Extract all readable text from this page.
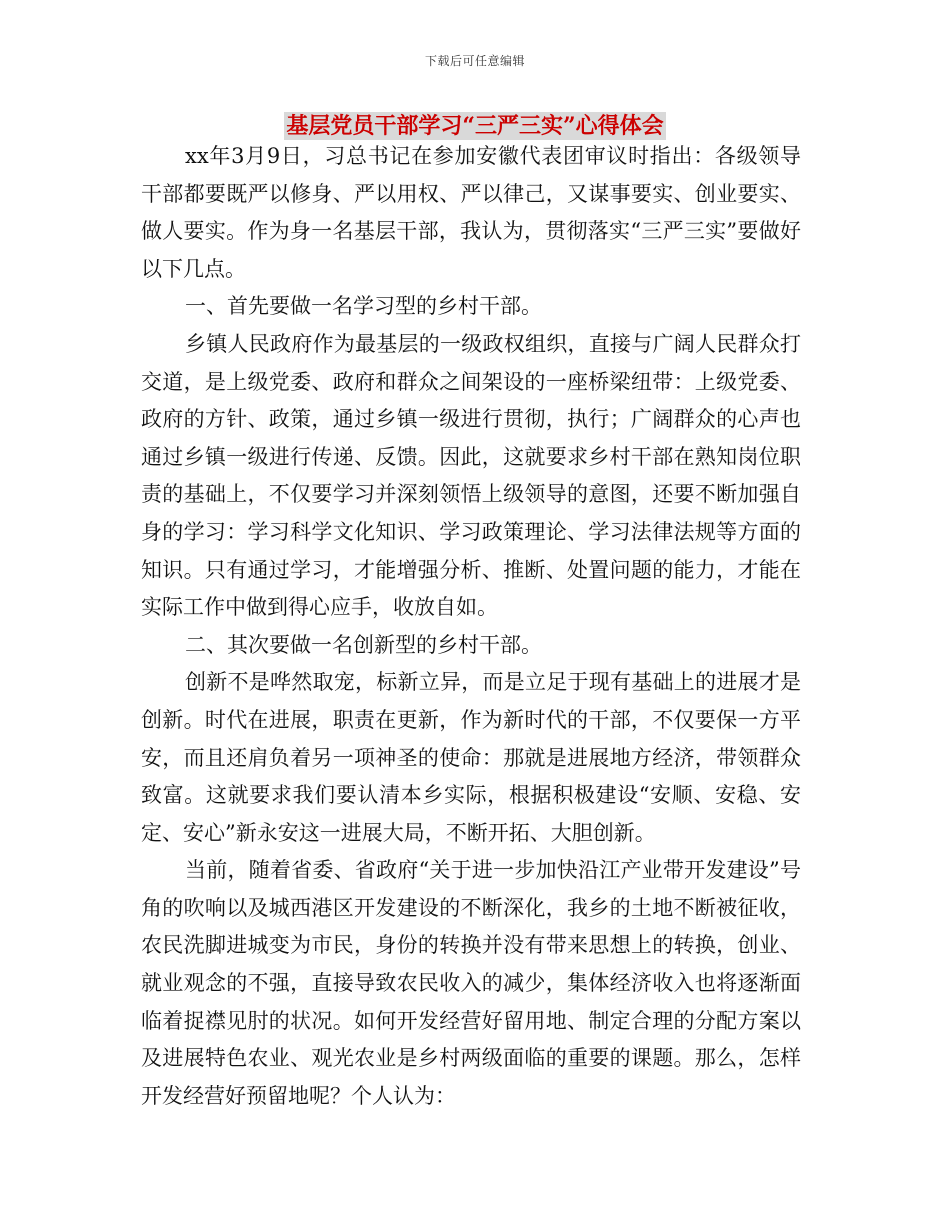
下载后可任意编辑
基层党员干部学习“三严三实”心得体会

xx年3月9日，习总书记在参加安徽代表团审议时指出：各级领导干部都要既严以修身、严以用权、严以律己，又谋事要实、创业要实、做人要实。作为身一名基层干部，我认为，贯彻落实“三严三实”要做好以下几点。

一、首先要做一名学习型的乡村干部。

乡镇人民政府作为最基层的一级政权组织，直接与广阔人民群众打交道，是上级党委、政府和群众之间架设的一座桥梁纽带：上级党委、政府的方针、政策，通过乡镇一级进行贯彻，执行；广阔群众的心声也通过乡镇一级进行传递、反馈。因此，这就要求乡村干部在熟知岗位职责的基础上，不仅要学习并深刻领悟上级领导的意图，还要不断加强自身的学习：学习科学文化知识、学习政策理论、学习法律法规等方面的知识。只有通过学习，才能增强分析、推断、处置问题的能力，才能在实际工作中做到得心应手，收放自如。

二、其次要做一名创新型的乡村干部。

创新不是哗然取宠，标新立异，而是立足于现有基础上的进展才是创新。时代在进展，职责在更新，作为新时代的干部，不仅要保一方平安，而且还肩负着另一项神圣的使命：那就是进展地方经济，带领群众致富。这就要求我们要认清本乡实际，根据积极建设“安顺、安稳、安定、安心”新永安这一进展大局，不断开拓、大胆创新。

当前，随着省委、省政府“关于进一步加快沿江产业带开发建设”号角的吹响以及城西港区开发建设的不断深化，我乡的土地不断被征收，农民洗脚进城变为市民，身份的转换并没有带来思想上的转换，创业、就业观念的不强，直接导致农民收入的减少，集体经济收入也将逐渐面临着捉襟见肘的状况。如何开发经营好留用地、制定合理的分配方案以及进展特色农业、观光农业是乡村两级面临的重要的课题。那么，怎样开发经营好预留地呢？个人认为：
